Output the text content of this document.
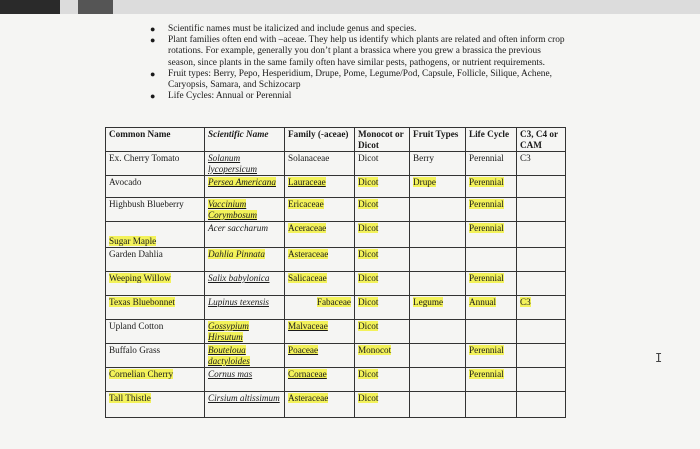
●	Scientific names must be italicized and include genus and species.
●	Plant families often end with –aceae. They help us identify which plants are related and often inform crop rotations. For example, generally you don’t plant a brassica where you grew a brassica the previous season, since plants in the same family often have similar pests, pathogens, or nutrient requirements.
●	Fruit types: Berry, Pepo, Hesperidium, Drupe, Pome, Legume/Pod, Capsule, Follicle, Silique, Achene, Caryopsis, Samara, and Schizocarp
●	Life Cycles: Annual or Perennial
Common Name	Scientific Name	Family (-aceae)	Monocot or Dicot	Fruit Types	Life Cycle	C3, C4 or CAM
Ex. Cherry Tomato	Solanum lycopersicum	Solanaceae	Dicot	Berry	Perennial	C3
Avocado	Persea Americana	Lauraceae	Dicot	Drupe	Perennial	
Highbush Blueberry	Vaccinium Corymbosum	Ericaceae	Dicot		Perennial	
Sugar Maple	Acer saccharum	Aceraceae	Dicot		Perennial	
Garden Dahlia	Dahlia Pinnata	Asteraceae	Dicot			
Weeping Willow	Salix babylonica	Salicaceae	Dicot		Perennial	
Texas Bluebonnet	Lupinus texensis	Fabaceae	Dicot	Legume	Annual	C3
Upland Cotton	Gossypium Hirsutum	Malvaceae	Dicot			
Buffalo Grass	Bouteloua dactyloides	Poaceae	Monocot		Perennial	
Cornelian Cherry	Cornus mas	Cornaceae	Dicot		Perennial	
Tall Thistle	Cirsium altissimum	Asteraceae	Dicot			
I
